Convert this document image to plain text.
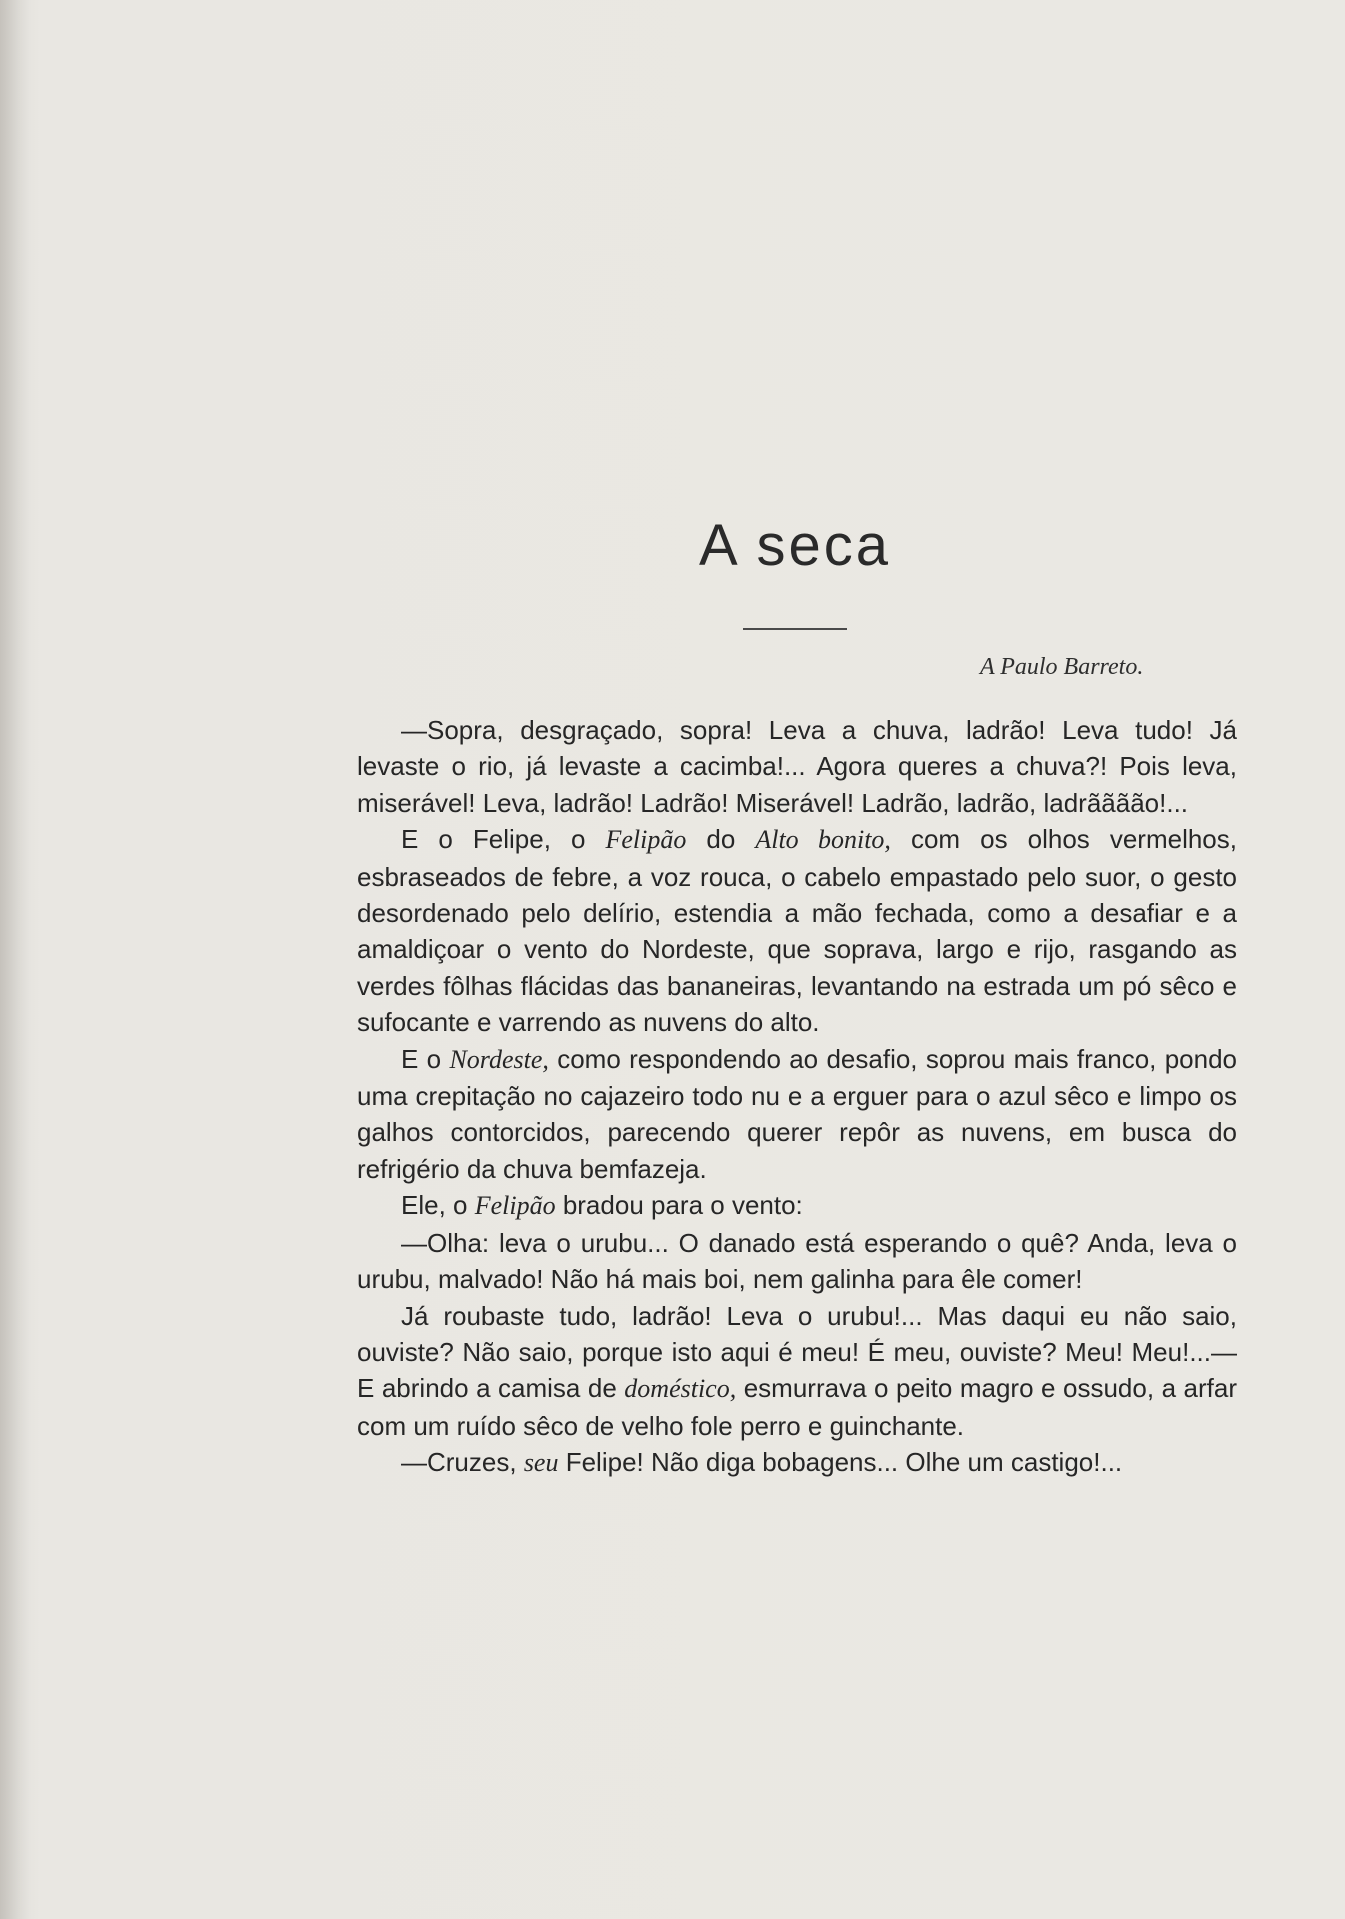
A seca
A Paulo Barreto.

—Sopra, desgraçado, sopra! Leva a chuva, ladrão! Leva tudo! Já levaste o rio, já levaste a cacimba!... Agora queres a chuva?! Pois leva, miserável! Leva, ladrão! Ladrão! Miserável! Ladrão, ladrão, ladrãããão!...

E o Felipe, o Felipão do Alto bonito, com os olhos vermelhos, esbraseados de febre, a voz rouca, o cabelo empastado pelo suor, o gesto desordenado pelo delírio, estendia a mão fechada, como a desafiar e a amaldiçoar o vento do Nordeste, que soprava, largo e rijo, rasgando as verdes fôlhas flácidas das bananeiras, levantando na estrada um pó sêco e sufocante e varrendo as nuvens do alto.

E o Nordeste, como respondendo ao desafio, soprou mais franco, pondo uma crepitação no cajazeiro todo nu e a erguer para o azul sêco e limpo os galhos contorcidos, parecendo querer repôr as nuvens, em busca do refrigério da chuva bemfazeja.

Ele, o Felipão bradou para o vento:

—Olha: leva o urubu... O danado está esperando o quê? Anda, leva o urubu, malvado! Não há mais boi, nem galinha para êle comer!

Já roubaste tudo, ladrão! Leva o urubu!... Mas daqui eu não saio, ouviste? Não saio, porque isto aqui é meu! É meu, ouviste? Meu! Meu!...—E abrindo a camisa de doméstico, esmurrava o peito magro e ossudo, a arfar com um ruído sêco de velho fole perro e guinchante.

—Cruzes, seu Felipe! Não diga bobagens... Olhe um castigo!...
